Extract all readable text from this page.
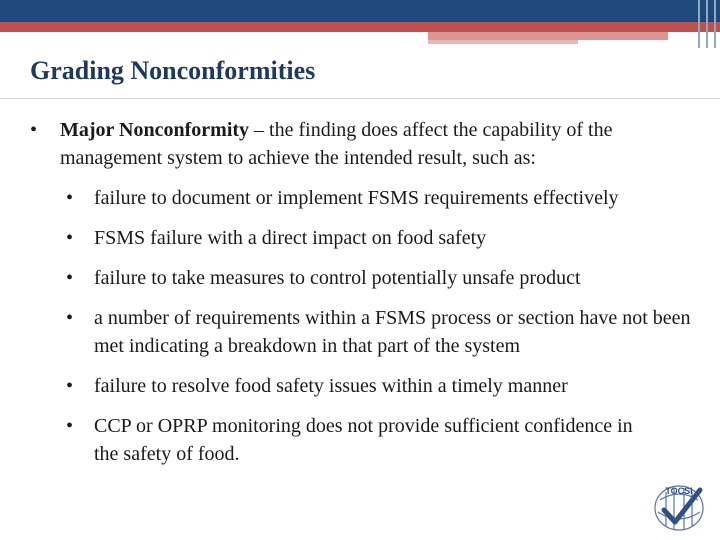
Grading Nonconformities

• Major Nonconformity – the finding does affect the capability of the management system to achieve the intended result, such as:

• failure to document or implement FSMS requirements effectively

• FSMS failure with a direct impact on food safety

• failure to take measures to control potentially unsafe product

• a number of requirements within a FSMS process or section have not been met indicating a breakdown in that part of the system

• failure to resolve food safety issues within a timely manner

• CCP or OPRP monitoring does not provide sufficient confidence in the safety of food.

TOCSI
